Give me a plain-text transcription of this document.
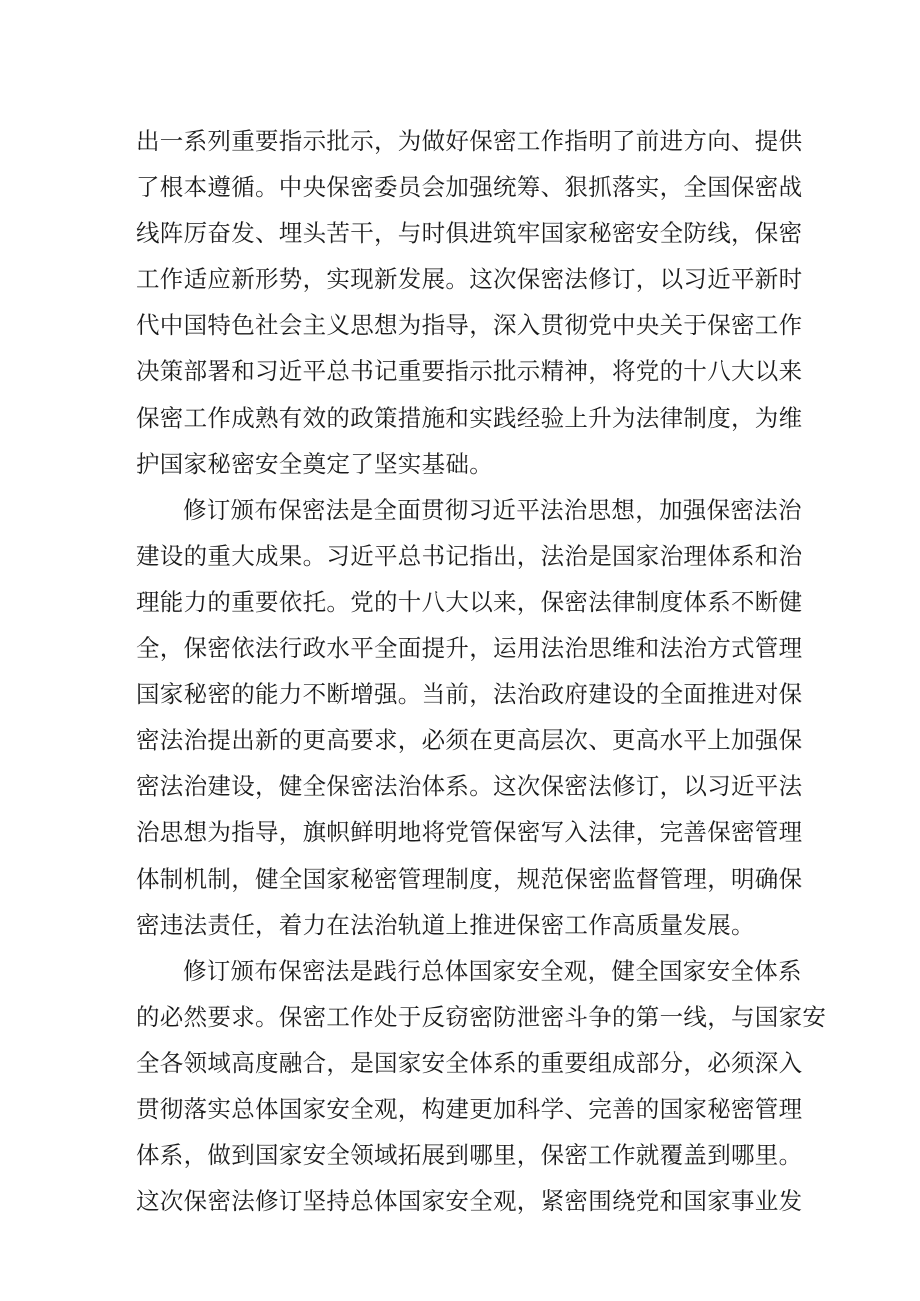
出一系列重要指示批示，为做好保密工作指明了前进方向、提供
了根本遵循。中央保密委员会加强统筹、狠抓落实，全国保密战
线阵厉奋发、埋头苦干，与时俱进筑牢国家秘密安全防线，保密
工作适应新形势，实现新发展。这次保密法修订，以习近平新时
代中国特色社会主义思想为指导，深入贯彻党中央关于保密工作
决策部署和习近平总书记重要指示批示精神，将党的十八大以来
保密工作成熟有效的政策措施和实践经验上升为法律制度，为维
护国家秘密安全奠定了坚实基础。
修订颁布保密法是全面贯彻习近平法治思想，加强保密法治
建设的重大成果。习近平总书记指出，法治是国家治理体系和治
理能力的重要依托。党的十八大以来，保密法律制度体系不断健
全，保密依法行政水平全面提升，运用法治思维和法治方式管理
国家秘密的能力不断增强。当前，法治政府建设的全面推进对保
密法治提出新的更高要求，必须在更高层次、更高水平上加强保
密法治建设，健全保密法治体系。这次保密法修订，以习近平法
治思想为指导，旗帜鲜明地将党管保密写入法律，完善保密管理
体制机制，健全国家秘密管理制度，规范保密监督管理，明确保
密违法责任，着力在法治轨道上推进保密工作高质量发展。
修订颁布保密法是践行总体国家安全观，健全国家安全体系
的必然要求。保密工作处于反窃密防泄密斗争的第一线，与国家安
全各领域高度融合，是国家安全体系的重要组成部分，必须深入
贯彻落实总体国家安全观，构建更加科学、完善的国家秘密管理
体系，做到国家安全领域拓展到哪里，保密工作就覆盖到哪里。
这次保密法修订坚持总体国家安全观，紧密围绕党和国家事业发
